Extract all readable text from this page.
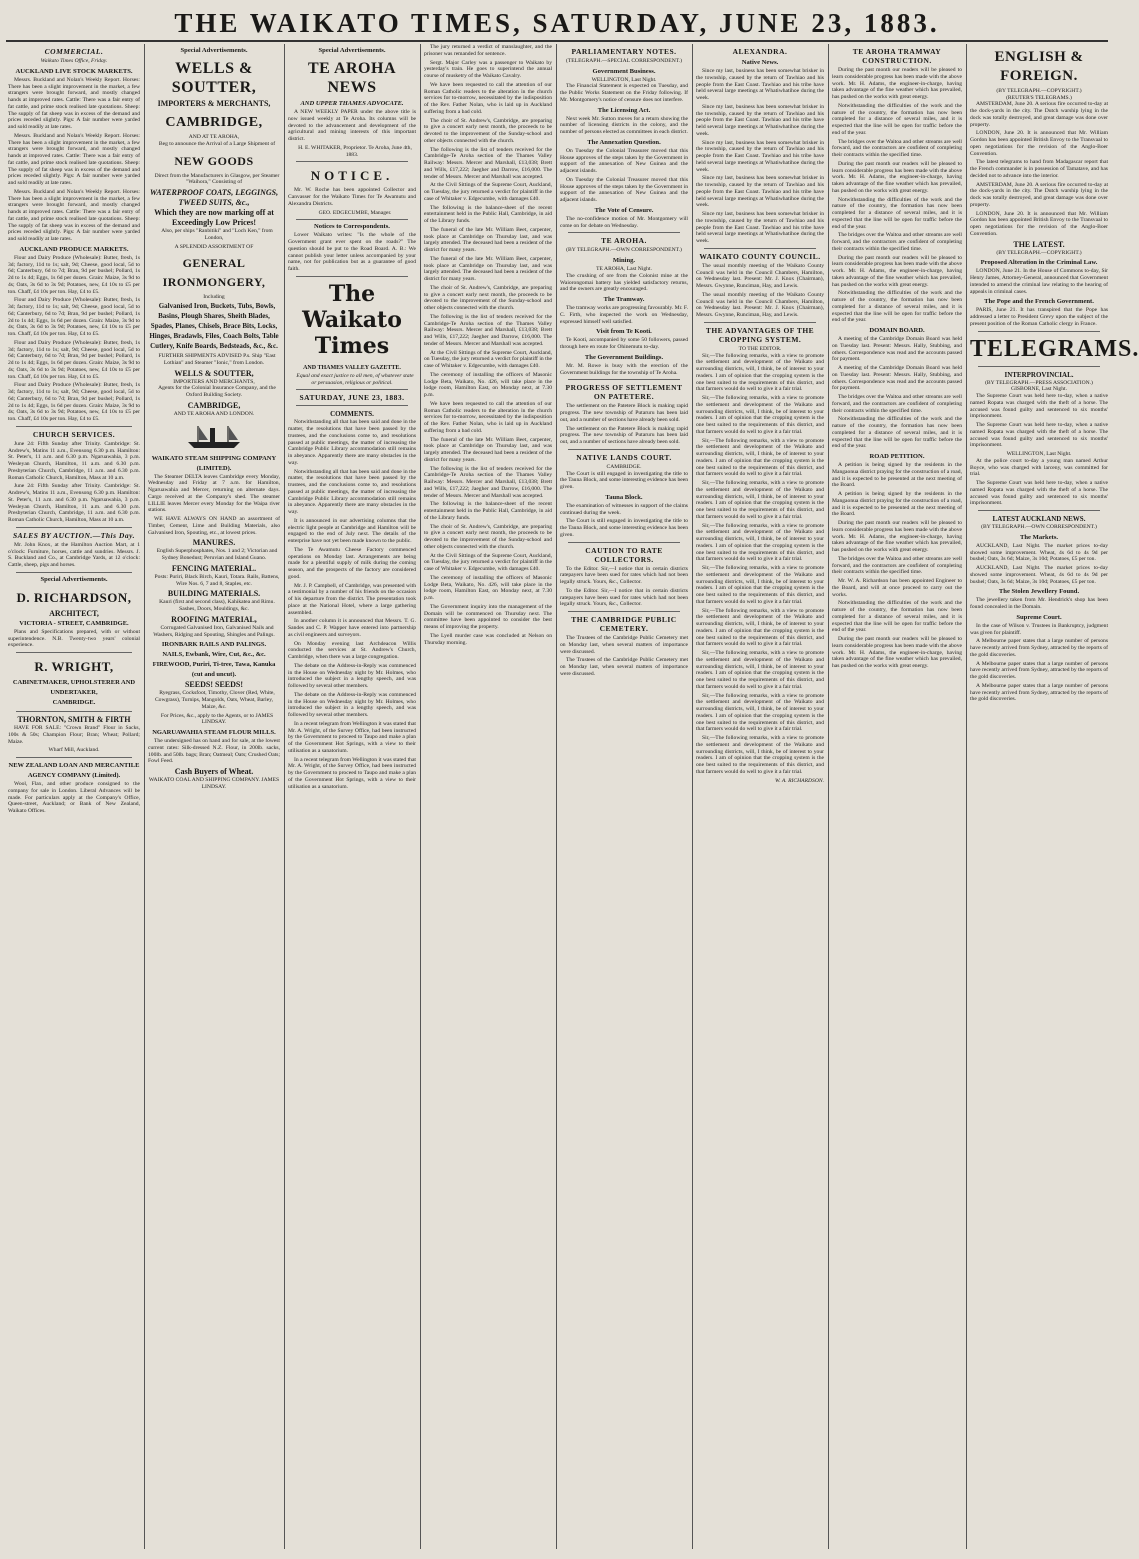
THE WAIKATO TIMES, SATURDAY, JUNE 23, 1883.
COMMERCIAL.
Waikato Times Office, Friday.
AUCKLAND LIVE STOCK MARKETS.

Messrs. Buckland and Nolan's Weekly Report. Horses: There has been a slight improvement in the market, a few strangers were brought forward, and mostly changed hands at improved rates. Cattle: There was a fair entry of fat cattle, and prime stock realised late quotations. Sheep: The supply of fat sheep was in excess of the demand and prices receded slightly. Pigs: A fair number were yarded and sold readily at late rates.

Messrs. Buckland and Nolan's Weekly Report. Horses: There has been a slight improvement in the market, a few strangers were brought forward, and mostly changed hands at improved rates. Cattle: There was a fair entry of fat cattle, and prime stock realised late quotations. Sheep: The supply of fat sheep was in excess of the demand and prices receded slightly. Pigs: A fair number were yarded and sold readily at late rates.

Messrs. Buckland and Nolan's Weekly Report. Horses: There has been a slight improvement in the market, a few strangers were brought forward, and mostly changed hands at improved rates. Cattle: There was a fair entry of fat cattle, and prime stock realised late quotations. Sheep: The supply of fat sheep was in excess of the demand and prices receded slightly. Pigs: A fair number were yarded and sold readily at late rates.

AUCKLAND PRODUCE MARKETS.

Flour and Dairy Produce (Wholesale): Butter, fresh, 1s 3d; factory, 11d to 1s; salt, 9d; Cheese, good local, 5d to 6d; Canterbury, 6d to 7d; Bran, 9d per bushel; Pollard, 1s 2d to 1s 4d; Eggs, 1s 6d per dozen. Grain: Maize, 3s 9d to 4s; Oats, 3s 6d to 3s 9d; Potatoes, new, £4 10s to £5 per ton. Chaff, £4 10s per ton. Hay, £4 to £5.

Flour and Dairy Produce (Wholesale): Butter, fresh, 1s 3d; factory, 11d to 1s; salt, 9d; Cheese, good local, 5d to 6d; Canterbury, 6d to 7d; Bran, 9d per bushel; Pollard, 1s 2d to 1s 4d; Eggs, 1s 6d per dozen. Grain: Maize, 3s 9d to 4s; Oats, 3s 6d to 3s 9d; Potatoes, new, £4 10s to £5 per ton. Chaff, £4 10s per ton. Hay, £4 to £5.

Flour and Dairy Produce (Wholesale): Butter, fresh, 1s 3d; factory, 11d to 1s; salt, 9d; Cheese, good local, 5d to 6d; Canterbury, 6d to 7d; Bran, 9d per bushel; Pollard, 1s 2d to 1s 4d; Eggs, 1s 6d per dozen. Grain: Maize, 3s 9d to 4s; Oats, 3s 6d to 3s 9d; Potatoes, new, £4 10s to £5 per ton. Chaff, £4 10s per ton. Hay, £4 to £5.

Flour and Dairy Produce (Wholesale): Butter, fresh, 1s 3d; factory, 11d to 1s; salt, 9d; Cheese, good local, 5d to 6d; Canterbury, 6d to 7d; Bran, 9d per bushel; Pollard, 1s 2d to 1s 4d; Eggs, 1s 6d per dozen. Grain: Maize, 3s 9d to 4s; Oats, 3s 6d to 3s 9d; Potatoes, new, £4 10s to £5 per ton. Chaff, £4 10s per ton. Hay, £4 to £5.

CHURCH SERVICES.

June 24: Fifth Sunday after Trinity. Cambridge: St. Andrew's, Matins 11 a.m., Evensong 6.30 p.m. Hamilton: St. Peter's, 11 a.m. and 6.30 p.m. Ngaruawahia, 3 p.m. Wesleyan Church, Hamilton, 11 a.m. and 6.30 p.m. Presbyterian Church, Cambridge, 11 a.m. and 6.30 p.m. Roman Catholic Church, Hamilton, Mass at 10 a.m.

June 24: Fifth Sunday after Trinity. Cambridge: St. Andrew's, Matins 11 a.m., Evensong 6.30 p.m. Hamilton: St. Peter's, 11 a.m. and 6.30 p.m. Ngaruawahia, 3 p.m. Wesleyan Church, Hamilton, 11 a.m. and 6.30 p.m. Presbyterian Church, Cambridge, 11 a.m. and 6.30 p.m. Roman Catholic Church, Hamilton, Mass at 10 a.m.

SALES BY AUCTION.—This Day.

Mr. John Knox, at the Hamilton Auction Mart, at 1 o'clock: Furniture, horses, cattle and sundries. Messrs. J. S. Buckland and Co., at Cambridge Yards, at 12 o'clock: Cattle, sheep, pigs and horses.

Special Advertisements.
D. RICHARDSON,
ARCHITECT,
VICTORIA - STREET, CAMBRIDGE.

Plans and Specifications prepared, with or without superintendence. N.B. Twenty-two years' colonial experience.

R. WRIGHT,
CABINETMAKER, UPHOLSTERER AND UNDERTAKER,
CAMBRIDGE.
THORNTON, SMITH & FIRTH

HAVE FOR SALE: "Crown Brand" Flour in Sacks, 100s & 50s; Champion Flour; Bran; Wheat; Pollard; Maize.

Wharf Mill, Auckland.
NEW ZEALAND LOAN AND MERCANTILE AGENCY COMPANY (Limited).

Wool, Flax, and other produce consigned to the company for sale in London. Liberal Advances will be made. For particulars apply at the Company's Office, Queen-street, Auckland; or Bank of New Zealand, Waikato Offices.

Special Advertisements.
WELLS & SOUTTER,
IMPORTERS & MERCHANTS,
CAMBRIDGE,
AND AT TE AROHA,

Beg to announce the Arrival of a Large Shipment of

NEW GOODS

Direct from the Manufacturers in Glasgow, per Steamer "Waihora," Consisting of

WATERPROOF COATS, LEGGINGS, TWEED SUITS, &c.,
Which they are now marking off at Exceedingly Low Prices!

Also, per ships "Ranbitiki" and "Loch Ken," from London,

A SPLENDID ASSORTMENT OF
GENERAL IRONMONGERY,
Including

Galvanised Iron, Buckets, Tubs, Bowls, Basins, Plough Shares, Sheith Blades, Spades, Planes, Chisels, Brace Bits, Locks, Hinges, Bradawls, Files, Coach Bolts, Table Cutlery, Knife Boards, Bedsteads, &c., &c.

FURTHER SHIPMENTS ADVISED P.s. Ship "East Lothian" and Steamer "Ionic," from London.

WELLS & SOUTTER,
IMPORTERS AND MERCHANTS,

Agents for the Colonial Insurance Company, and the Oxford Building Society.

CAMBRIDGE,
AND TE AROHA AND LONDON.
WAIKATO STEAM SHIPPING COMPANY (LIMITED).

The Steamer DELTA leaves Cambridge every Monday, Wednesday and Friday at 7 a.m. for Hamilton, Ngaruawahia and Mercer, returning on alternate days. Cargo received at the Company's shed. The steamer LILLIE leaves Mercer every Monday for the Waipa river stations.

WE HAVE ALWAYS ON HAND an assortment of Timber, Cement, Lime and Building Materials, also Galvanised Iron, Spouting, etc., at lowest prices.

MANURES.

English Superphosphates, Nos. 1 and 2; Victorian and Sydney Bonedust; Peruvian and Island Guano.

FENCING MATERIAL.

Posts: Puriri, Black Birch, Kauri, Totara. Rails, Battens, Wire Nos. 6, 7 and 8, Staples, etc.

BUILDING MATERIALS.

Kauri (first and second class), Kahikatea and Rimu. Sashes, Doors, Mouldings, &c.

ROOFING MATERIAL,

Corrugated Galvanised Iron, Galvanised Nails and Washers, Ridging and Spouting, Shingles and Palings.

IRONBARK RAILS AND PALINGS.
NAILS, Ewbank, Wire, Cut, &c., &c.
FIREWOOD, Puriri, Ti-tree, Tawa, Kanuka (cut and uncut).
SEEDS! SEEDS!

Ryegrass, Cocksfoot, Timothy, Clover (Red, White, Cowgrass), Turnips, Mangolds, Oats, Wheat, Barley, Maize, &c.

For Prices, &c., apply to the Agents, or to JAMES LINDSAY.

NGARUAWAHIA STEAM FLOUR MILLS.

The undersigned has on hand and for sale, at the lowest current rates: Silk-dressed N.Z. Flour, in 200lb. sacks, 100lb. and 50lb. bags; Bran; Oatmeal; Oats; Crushed Oats; Fowl Feed.

Cash Buyers of Wheat.
WAIKATO COAL AND SHIPPING COMPANY. JAMES LINDSAY.
Special Advertisements.
TE AROHA NEWS
AND UPPER THAMES ADVOCATE.

A NEW WEEKLY PAPER under the above title is now issued weekly at Te Aroha. Its columns will be devoted to the advancement and development of the agricultural and mining interests of this important district.

H. E. WHITAKER, Proprietor. Te Aroha, June 4th, 1883.

NOTICE.

Mr. W. Roche has been appointed Collector and Canvasser for the Waikato Times for Te Awamutu and Alexandra Districts.

GEO. EDGECUMBE, Manager.

Notices to Correspondents.

Lower Waikato writes: "Is the whole of the Government grant ever spent on the roads?" The question should be put to the Road Board. A. B.: We cannot publish your letter unless accompanied by your name, not for publication but as a guarantee of good faith.

The Waikato Times
AND THAMES VALLEY GAZETTE.

Equal and exact justice to all men, of whatever state or persuasion, religious or political.

SATURDAY, JUNE 23, 1883.
COMMENTS.

Notwithstanding all that has been said and done in the matter, the resolutions that have been passed by the trustees, and the conclusions come to, and resolutions passed at public meetings, the matter of increasing the Cambridge Public Library accommodation still remains in abeyance. Apparently there are many obstacles in the way.

Notwithstanding all that has been said and done in the matter, the resolutions that have been passed by the trustees, and the conclusions come to, and resolutions passed at public meetings, the matter of increasing the Cambridge Public Library accommodation still remains in abeyance. Apparently there are many obstacles in the way.

It is announced in our advertising columns that the electric light people at Cambridge and Hamilton will be engaged to the end of July next. The details of the enterprise have not yet been made known to the public.

The Te Awamutu Cheese Factory commenced operations on Monday last. Arrangements are being made for a plentiful supply of milk during the coming season, and the prospects of the factory are considered good.

Mr. J. P. Campbell, of Cambridge, was presented with a testimonial by a number of his friends on the occasion of his departure from the district. The presentation took place at the National Hotel, where a large gathering assembled.

In another column it is announced that Messrs. T. G. Sandes and C. P. Wapper have entered into partnership as civil engineers and surveyors.

On Monday evening last Archdeacon Willis conducted the services at St. Andrew's Church, Cambridge, when there was a large congregation.

The debate on the Address-in-Reply was commenced in the House on Wednesday night by Mr. Holmes, who introduced the subject in a lengthy speech, and was followed by several other members.

The debate on the Address-in-Reply was commenced in the House on Wednesday night by Mr. Holmes, who introduced the subject in a lengthy speech, and was followed by several other members.

In a recent telegram from Wellington it was stated that Mr. A. Wright, of the Survey Office, had been instructed by the Government to proceed to Taupo and make a plan of the Government Hot Springs, with a view to their utilisation as a sanatorium.

In a recent telegram from Wellington it was stated that Mr. A. Wright, of the Survey Office, had been instructed by the Government to proceed to Taupo and make a plan of the Government Hot Springs, with a view to their utilisation as a sanatorium.

The jury returned a verdict of manslaughter, and the prisoner was remanded for sentence.

Sergt. Major Carley was a passenger to Waikato by yesterday's train. He goes to superintend the annual course of musketry of the Waikato Cavalry.

We have been requested to call the attention of our Roman Catholic readers to the alteration in the church services for to-morrow, necessitated by the indisposition of the Rev. Father Nolan, who is laid up in Auckland suffering from a bad cold.

The choir of St. Andrew's, Cambridge, are preparing to give a concert early next month, the proceeds to be devoted to the improvement of the Sunday-school and other objects connected with the church.

The following is the list of tenders received for the Cambridge-Te Aroha section of the Thames Valley Railway: Messrs. Mercer and Marshall, £13,038; Brett and Wills, £17,222; Jaegher and Darrow, £16,000. The tender of Messrs. Mercer and Marshall was accepted.

At the Civil Sittings of the Supreme Court, Auckland, on Tuesday, the jury returned a verdict for plaintiff in the case of Whitaker v. Edgecumbe, with damages £40.

The following is the balance-sheet of the recent entertainment held in the Public Hall, Cambridge, in aid of the Library funds.

The funeral of the late Mr. William Beet, carpenter, took place at Cambridge on Thursday last, and was largely attended. The deceased had been a resident of the district for many years.

The funeral of the late Mr. William Beet, carpenter, took place at Cambridge on Thursday last, and was largely attended. The deceased had been a resident of the district for many years.

The choir of St. Andrew's, Cambridge, are preparing to give a concert early next month, the proceeds to be devoted to the improvement of the Sunday-school and other objects connected with the church.

The following is the list of tenders received for the Cambridge-Te Aroha section of the Thames Valley Railway: Messrs. Mercer and Marshall, £13,038; Brett and Wills, £17,222; Jaegher and Darrow, £16,000. The tender of Messrs. Mercer and Marshall was accepted.

At the Civil Sittings of the Supreme Court, Auckland, on Tuesday, the jury returned a verdict for plaintiff in the case of Whitaker v. Edgecumbe, with damages £40.

The ceremony of installing the officers of Masonic Lodge Beta, Waikato, No. 426, will take place in the lodge room, Hamilton East, on Monday next, at 7.30 p.m.

We have been requested to call the attention of our Roman Catholic readers to the alteration in the church services for to-morrow, necessitated by the indisposition of the Rev. Father Nolan, who is laid up in Auckland suffering from a bad cold.

The funeral of the late Mr. William Beet, carpenter, took place at Cambridge on Thursday last, and was largely attended. The deceased had been a resident of the district for many years.

The following is the list of tenders received for the Cambridge-Te Aroha section of the Thames Valley Railway: Messrs. Mercer and Marshall, £13,038; Brett and Wills, £17,222; Jaegher and Darrow, £16,000. The tender of Messrs. Mercer and Marshall was accepted.

The following is the balance-sheet of the recent entertainment held in the Public Hall, Cambridge, in aid of the Library funds.

The choir of St. Andrew's, Cambridge, are preparing to give a concert early next month, the proceeds to be devoted to the improvement of the Sunday-school and other objects connected with the church.

At the Civil Sittings of the Supreme Court, Auckland, on Tuesday, the jury returned a verdict for plaintiff in the case of Whitaker v. Edgecumbe, with damages £40.

The ceremony of installing the officers of Masonic Lodge Beta, Waikato, No. 426, will take place in the lodge room, Hamilton East, on Monday next, at 7.30 p.m.

The Government inquiry into the management of the Domain will be commenced on Thursday next. The committee have been appointed to consider the best means of improving the property.

The Lyell murder case was concluded at Nelson on Thursday morning.

PARLIAMENTARY NOTES.
(TELEGRAPH.—SPECIAL CORRESPONDENT.)
Government Business.
WELLINGTON, Last Night.

The Financial Statement is expected on Tuesday, and the Public Works Statement on the Friday following. If Mr. Montgomery's notice of censure does not interfere.

The Licensing Act.

Next week Mr. Sutton moves for a return showing the number of licensing districts in the colony, and the number of persons elected as committees in each district.

The Annexation Question.

On Tuesday the Colonial Treasurer moved that this House approves of the steps taken by the Government in support of the annexation of New Guinea and the adjacent islands.

On Tuesday the Colonial Treasurer moved that this House approves of the steps taken by the Government in support of the annexation of New Guinea and the adjacent islands.

The Vote of Censure.

The no-confidence motion of Mr. Montgomery will come on for debate on Wednesday.

TE AROHA.
(BY TELEGRAPH.—OWN CORRESPONDENT.)
Mining.
TE AROHA, Last Night.

The crushing of ore from the Colonist mine at the Waiorongomai battery has yielded satisfactory returns, and the owners are greatly encouraged.

The Tramway.

The tramway works are progressing favourably. Mr. F. C. Firth, who inspected the work on Wednesday, expressed himself well satisfied.

Visit from Te Kooti.

Te Kooti, accompanied by some 50 followers, passed through here en route for Ohinemutu to-day.

The Government Buildings.

Mr. M. Rowe is busy with the erection of the Government buildings for the township of Te Aroha.

PROGRESS OF SETTLEMENT ON PATETERE.

The settlement on the Patetere Block is making rapid progress. The new township of Putaruru has been laid out, and a number of sections have already been sold.

The settlement on the Patetere Block is making rapid progress. The new township of Putaruru has been laid out, and a number of sections have already been sold.

NATIVE LANDS COURT.
CAMBRIDGE.

The Court is still engaged in investigating the title to the Tauna Block, and some interesting evidence has been given.

Tauna Block.

The examination of witnesses in support of the claims continued during the week.

The Court is still engaged in investigating the title to the Tauna Block, and some interesting evidence has been given.

CAUTION TO RATE COLLECTORS.

To the Editor. Sir,—I notice that in certain districts ratepayers have been sued for rates which had not been legally struck. Yours, &c., Collector.

To the Editor. Sir,—I notice that in certain districts ratepayers have been sued for rates which had not been legally struck. Yours, &c., Collector.

THE CAMBRIDGE PUBLIC CEMETERY.

The Trustees of the Cambridge Public Cemetery met on Monday last, when several matters of importance were discussed.

The Trustees of the Cambridge Public Cemetery met on Monday last, when several matters of importance were discussed.

ALEXANDRA.
Native News.

Since my last, business has been somewhat brisker in the township, caused by the return of Tawhiao and his people from the East Coast. Tawhiao and his tribe have held several large meetings at Whatiwhatihoe during the week.

Since my last, business has been somewhat brisker in the township, caused by the return of Tawhiao and his people from the East Coast. Tawhiao and his tribe have held several large meetings at Whatiwhatihoe during the week.

Since my last, business has been somewhat brisker in the township, caused by the return of Tawhiao and his people from the East Coast. Tawhiao and his tribe have held several large meetings at Whatiwhatihoe during the week.

Since my last, business has been somewhat brisker in the township, caused by the return of Tawhiao and his people from the East Coast. Tawhiao and his tribe have held several large meetings at Whatiwhatihoe during the week.

Since my last, business has been somewhat brisker in the township, caused by the return of Tawhiao and his people from the East Coast. Tawhiao and his tribe have held several large meetings at Whatiwhatihoe during the week.

WAIKATO COUNTY COUNCIL.

The usual monthly meeting of the Waikato County Council was held in the Council Chambers, Hamilton, on Wednesday last. Present: Mr. J. Knox (Chairman), Messrs. Gwynne, Runciman, Hay, and Lewis.

The usual monthly meeting of the Waikato County Council was held in the Council Chambers, Hamilton, on Wednesday last. Present: Mr. J. Knox (Chairman), Messrs. Gwynne, Runciman, Hay, and Lewis.

THE ADVANTAGES OF THE CROPPING SYSTEM.
TO THE EDITOR.

Sir,—The following remarks, with a view to promote the settlement and development of the Waikato and surrounding districts, will, I think, be of interest to your readers. I am of opinion that the cropping system is the one best suited to the requirements of this district, and that farmers would do well to give it a fair trial.

Sir,—The following remarks, with a view to promote the settlement and development of the Waikato and surrounding districts, will, I think, be of interest to your readers. I am of opinion that the cropping system is the one best suited to the requirements of this district, and that farmers would do well to give it a fair trial.

Sir,—The following remarks, with a view to promote the settlement and development of the Waikato and surrounding districts, will, I think, be of interest to your readers. I am of opinion that the cropping system is the one best suited to the requirements of this district, and that farmers would do well to give it a fair trial.

Sir,—The following remarks, with a view to promote the settlement and development of the Waikato and surrounding districts, will, I think, be of interest to your readers. I am of opinion that the cropping system is the one best suited to the requirements of this district, and that farmers would do well to give it a fair trial.

Sir,—The following remarks, with a view to promote the settlement and development of the Waikato and surrounding districts, will, I think, be of interest to your readers. I am of opinion that the cropping system is the one best suited to the requirements of this district, and that farmers would do well to give it a fair trial.

Sir,—The following remarks, with a view to promote the settlement and development of the Waikato and surrounding districts, will, I think, be of interest to your readers. I am of opinion that the cropping system is the one best suited to the requirements of this district, and that farmers would do well to give it a fair trial.

Sir,—The following remarks, with a view to promote the settlement and development of the Waikato and surrounding districts, will, I think, be of interest to your readers. I am of opinion that the cropping system is the one best suited to the requirements of this district, and that farmers would do well to give it a fair trial.

Sir,—The following remarks, with a view to promote the settlement and development of the Waikato and surrounding districts, will, I think, be of interest to your readers. I am of opinion that the cropping system is the one best suited to the requirements of this district, and that farmers would do well to give it a fair trial.

Sir,—The following remarks, with a view to promote the settlement and development of the Waikato and surrounding districts, will, I think, be of interest to your readers. I am of opinion that the cropping system is the one best suited to the requirements of this district, and that farmers would do well to give it a fair trial.

Sir,—The following remarks, with a view to promote the settlement and development of the Waikato and surrounding districts, will, I think, be of interest to your readers. I am of opinion that the cropping system is the one best suited to the requirements of this district, and that farmers would do well to give it a fair trial.

W. A. RICHARDSON.
TE AROHA TRAMWAY CONSTRUCTION.

During the past month our readers will be pleased to learn considerable progress has been made with the above work. Mr. H. Adams, the engineer-in-charge, having taken advantage of the fine weather which has prevailed, has pushed on the works with great energy.

Notwithstanding the difficulties of the work and the nature of the country, the formation has now been completed for a distance of several miles, and it is expected that the line will be open for traffic before the end of the year.

The bridges over the Waitoa and other streams are well forward, and the contractors are confident of completing their contracts within the specified time.

During the past month our readers will be pleased to learn considerable progress has been made with the above work. Mr. H. Adams, the engineer-in-charge, having taken advantage of the fine weather which has prevailed, has pushed on the works with great energy.

Notwithstanding the difficulties of the work and the nature of the country, the formation has now been completed for a distance of several miles, and it is expected that the line will be open for traffic before the end of the year.

The bridges over the Waitoa and other streams are well forward, and the contractors are confident of completing their contracts within the specified time.

During the past month our readers will be pleased to learn considerable progress has been made with the above work. Mr. H. Adams, the engineer-in-charge, having taken advantage of the fine weather which has prevailed, has pushed on the works with great energy.

Notwithstanding the difficulties of the work and the nature of the country, the formation has now been completed for a distance of several miles, and it is expected that the line will be open for traffic before the end of the year.

DOMAIN BOARD.

A meeting of the Cambridge Domain Board was held on Tuesday last. Present: Messrs. Hally, Stubbing, and others. Correspondence was read and the accounts passed for payment.

A meeting of the Cambridge Domain Board was held on Tuesday last. Present: Messrs. Hally, Stubbing, and others. Correspondence was read and the accounts passed for payment.

The bridges over the Waitoa and other streams are well forward, and the contractors are confident of completing their contracts within the specified time.

Notwithstanding the difficulties of the work and the nature of the country, the formation has now been completed for a distance of several miles, and it is expected that the line will be open for traffic before the end of the year.

ROAD PETITION.

A petition is being signed by the residents in the Mangaonua district praying for the construction of a road, and it is expected to be presented at the next meeting of the Board.

A petition is being signed by the residents in the Mangaonua district praying for the construction of a road, and it is expected to be presented at the next meeting of the Board.

During the past month our readers will be pleased to learn considerable progress has been made with the above work. Mr. H. Adams, the engineer-in-charge, having taken advantage of the fine weather which has prevailed, has pushed on the works with great energy.

The bridges over the Waitoa and other streams are well forward, and the contractors are confident of completing their contracts within the specified time.

Mr. W. A. Richardson has been appointed Engineer to the Board, and will at once proceed to carry out the works.

Notwithstanding the difficulties of the work and the nature of the country, the formation has now been completed for a distance of several miles, and it is expected that the line will be open for traffic before the end of the year.

During the past month our readers will be pleased to learn considerable progress has been made with the above work. Mr. H. Adams, the engineer-in-charge, having taken advantage of the fine weather which has prevailed, has pushed on the works with great energy.

ENGLISH & FOREIGN.
(BY TELEGRAPH.—COPYRIGHT.)
(REUTER'S TELEGRAMS.)

AMSTERDAM, June 20. A serious fire occurred to-day at the dock-yards in the city. The Dutch warship lying in the dock was totally destroyed, and great damage was done over property.

LONDON, June 20. It is announced that Mr. William Gordon has been appointed British Envoy to the Transvaal to open negotiations for the revision of the Anglo-Boer Convention.

The latest telegrams to hand from Madagascar report that the French commander is in possession of Tamatave, and has decided not to advance into the interior.

AMSTERDAM, June 20. A serious fire occurred to-day at the dock-yards in the city. The Dutch warship lying in the dock was totally destroyed, and great damage was done over property.

LONDON, June 20. It is announced that Mr. William Gordon has been appointed British Envoy to the Transvaal to open negotiations for the revision of the Anglo-Boer Convention.

THE LATEST.
(BY TELEGRAPH.—COPYRIGHT.)
Proposed Alteration in the Criminal Law.

LONDON, June 21. In the House of Commons to-day, Sir Henry James, Attorney-General, announced that Government intended to amend the criminal law relating to the hearing of appeals in criminal cases.

The Pope and the French Government.

PARIS, June 21. It has transpired that the Pope has addressed a letter to President Grevy upon the subject of the present position of the Roman Catholic clergy in France.

TELEGRAMS.
INTERPROVINCIAL.
(BY TELEGRAPH.—PRESS ASSOCIATION.)
GISBORNE, Last Night.

The Supreme Court was held here to-day, when a native named Ropata was charged with the theft of a horse. The accused was found guilty and sentenced to six months' imprisonment.

The Supreme Court was held here to-day, when a native named Ropata was charged with the theft of a horse. The accused was found guilty and sentenced to six months' imprisonment.

WELLINGTON, Last Night.

At the police court to-day a young man named Arthur Boyce, who was charged with larceny, was committed for trial.

The Supreme Court was held here to-day, when a native named Ropata was charged with the theft of a horse. The accused was found guilty and sentenced to six months' imprisonment.

LATEST AUCKLAND NEWS.
(BY TELEGRAPH.—OWN CORRESPONDENT.)
The Markets.

AUCKLAND, Last Night. The market prices to-day showed some improvement. Wheat, 4s 6d to 4s 9d per bushel; Oats, 3s 6d; Maize, 3s 10d; Potatoes, £5 per ton.

AUCKLAND, Last Night. The market prices to-day showed some improvement. Wheat, 4s 6d to 4s 9d per bushel; Oats, 3s 6d; Maize, 3s 10d; Potatoes, £5 per ton.

The Stolen Jewellery Found.

The jewellery taken from Mr. Hendrick's shop has been found concealed in the Domain.

Supreme Court.

In the case of Wilson v. Trustees in Bankruptcy, judgment was given for plaintiff.

A Melbourne paper states that a large number of persons have recently arrived from Sydney, attracted by the reports of the gold discoveries.

A Melbourne paper states that a large number of persons have recently arrived from Sydney, attracted by the reports of the gold discoveries.

A Melbourne paper states that a large number of persons have recently arrived from Sydney, attracted by the reports of the gold discoveries.
